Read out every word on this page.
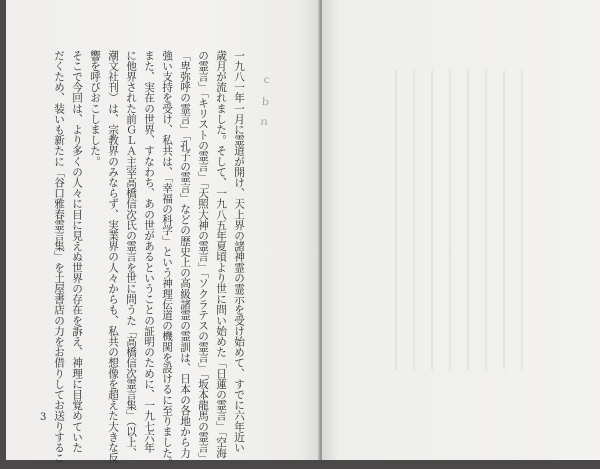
一九八一年一月に霊道が開け、天上界の諸神霊の霊示を受け始めて、すでに六年近い
歳月が流れました。そして、一九八五年夏頃より世に問い始めた「日蓮の霊言」「空海
の霊言」「キリストの霊言」「天照大神の霊言」「ソクラテスの霊言」「坂本龍馬の霊言」
「卑弥呼の霊言」「孔子の霊言」などの歴史上の高級諸霊の霊訓は、日本の各地から力
強い支持を受け、私共は、「幸福の科学」という神理伝道の機関を設けるに至りました。
また、実在の世界、すなわち、あの世があるということの証明のために、一九七六年
に他界された前ＧＬＡ主宰高橋信次氏の霊言を世に問うた「高橋信次霊言集」（以上、
潮文社刊）は、宗教界のみならず、実業界の人々からも、私共の想像を超えた大きな反
響を呼びおこしました。
そこで今回は、より多くの人々に目に見えぬ世界の存在を訴え、神理に目覚めていた
だくため、装いも新たに「谷口雅春霊言集」を土屋書店の力をお借りしてお送りするこ
3
ｃ ｂ ｎ
